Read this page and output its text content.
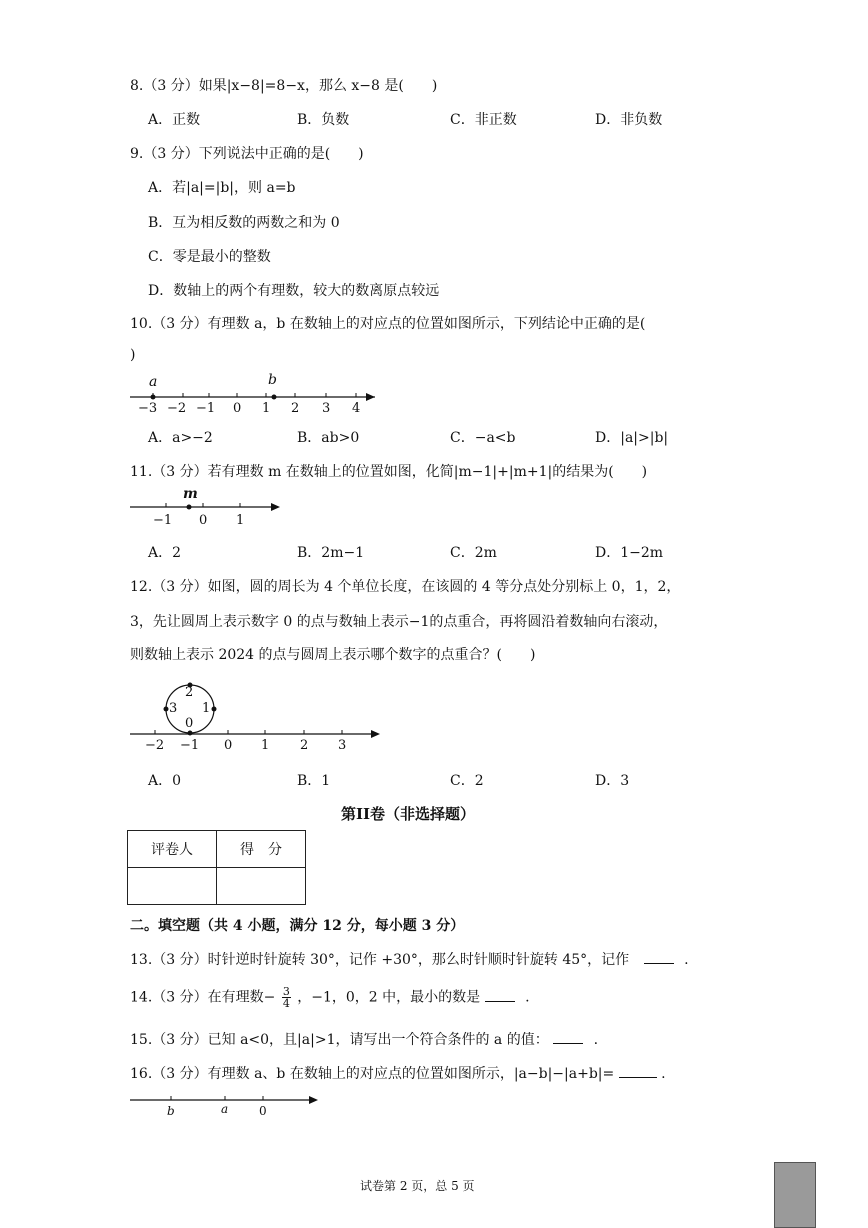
8.（3 分）如果|x−8|=8−x，那么 x−8 是(　　)
A．正数	B．负数	C．非正数	D．非负数
9.（3 分）下列说法中正确的是(　　)
A．若|a|=|b|，则 a=b
B．互为相反数的两数之和为 0
C．零是最小的整数
D．数轴上的两个有理数，较大的数离原点较远
10.（3 分）有理数 a，b 在数轴上的对应点的位置如图所示，下列结论中正确的是(
)
a	b
−3 −2 −1 0 1 2 3 4
A．a>−2	B．ab>0	C．−a<b	D．|a|>|b|
11.（3 分）若有理数 m 在数轴上的位置如图，化简|m−1|+|m+1|的结果为(　　)
m
−1 0 1
A．2	B．2m−1	C．2m	D．1−2m
12.（3 分）如图，圆的周长为 4 个单位长度，在该圆的 4 等分点处分别标上 0，1，2，
3，先让圆周上表示数字 0 的点与数轴上表示−1的点重合，再将圆沿着数轴向右滚动，
则数轴上表示 2024 的点与圆周上表示哪个数字的点重合？(　　)
0
1
2
3
−2 −1 0 1 2 3
A．0	B．1	C．2	D．3
第II卷（非选择题）
评卷人	得　分

二。填空题（共 4 小题，满分 12 分，每小题 3 分）
13.（3 分）时针逆时针旋转 30°，记作 +30°，那么时针顺时针旋转 45°，记作	.
14.（3 分）在有理数− $\frac{3}{4}$ ，−1，0，2 中，最小的数是	.
15.（3 分）已知 a<0，且|a|>1，请写出一个符合条件的 a 的值：	.
16.（3 分）有理数 a、b 在数轴上的对应点的位置如图所示，|a−b|−|a+b|=	.
b	a	0
试卷第 2 页，总 5 页
